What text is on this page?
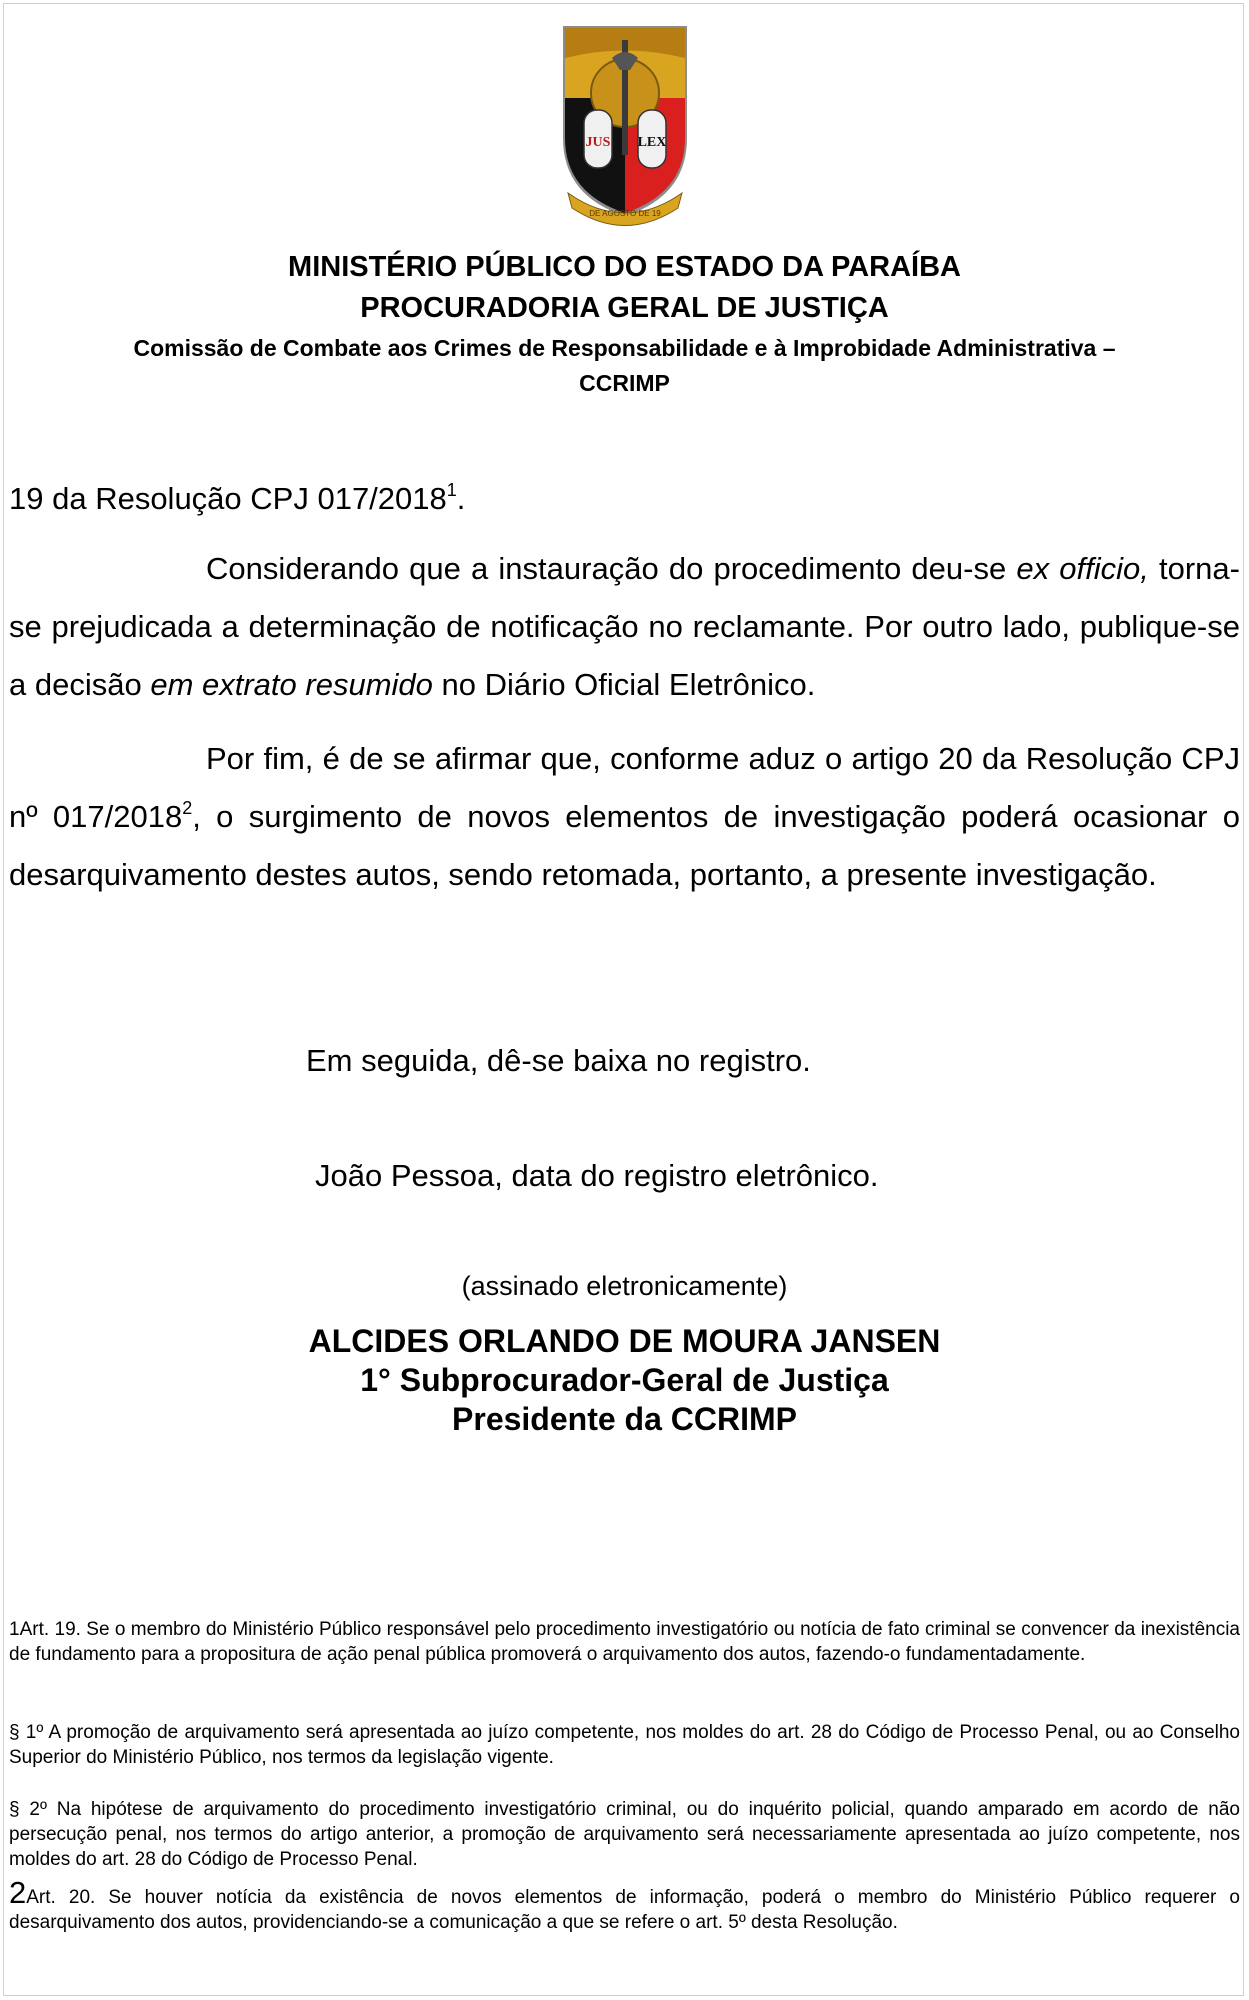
JUS LEX
DE AGOSTO DE 19
MINISTÉRIO PÚBLICO DO ESTADO DA PARAÍBA
PROCURADORIA GERAL DE JUSTIÇA
Comissão de Combate aos Crimes de Responsabilidade e à Improbidade Administrativa –
CCRIMP
19 da Resolução CPJ 017/2018$^1$.
Considerando que a instauração do procedimento deu-se ex officio, torna-se prejudicada a determinação de notificação no reclamante. Por outro lado, publique-se a decisão em extrato resumido no Diário Oficial Eletrônico.
Por fim, é de se afirmar que, conforme aduz o artigo 20 da Resolução CPJ nº 017/2018$^2$, o surgimento de novos elementos de investigação poderá ocasionar o desarquivamento destes autos, sendo retomada, portanto, a presente investigação.
Em seguida, dê-se baixa no registro.
João Pessoa, data do registro eletrônico.
(assinado eletronicamente)
ALCIDES ORLANDO DE MOURA JANSEN
1° Subprocurador-Geral de Justiça
Presidente da CCRIMP
1Art. 19. Se o membro do Ministério Público responsável pelo procedimento investigatório ou notícia de fato criminal se convencer da inexistência de fundamento para a propositura de ação penal pública promoverá o arquivamento dos autos, fazendo-o fundamentadamente.
§ 1º A promoção de arquivamento será apresentada ao juízo competente, nos moldes do art. 28 do Código de Processo Penal, ou ao Conselho Superior do Ministério Público, nos termos da legislação vigente.
§ 2º Na hipótese de arquivamento do procedimento investigatório criminal, ou do inquérito policial, quando amparado em acordo de não persecução penal, nos termos do artigo anterior, a promoção de arquivamento será necessariamente apresentada ao juízo competente, nos moldes do art. 28 do Código de Processo Penal.
2Art. 20. Se houver notícia da existência de novos elementos de informação, poderá o membro do Ministério Público requerer o desarquivamento dos autos, providenciando-se a comunicação a que se refere o art. 5º desta Resolução.
